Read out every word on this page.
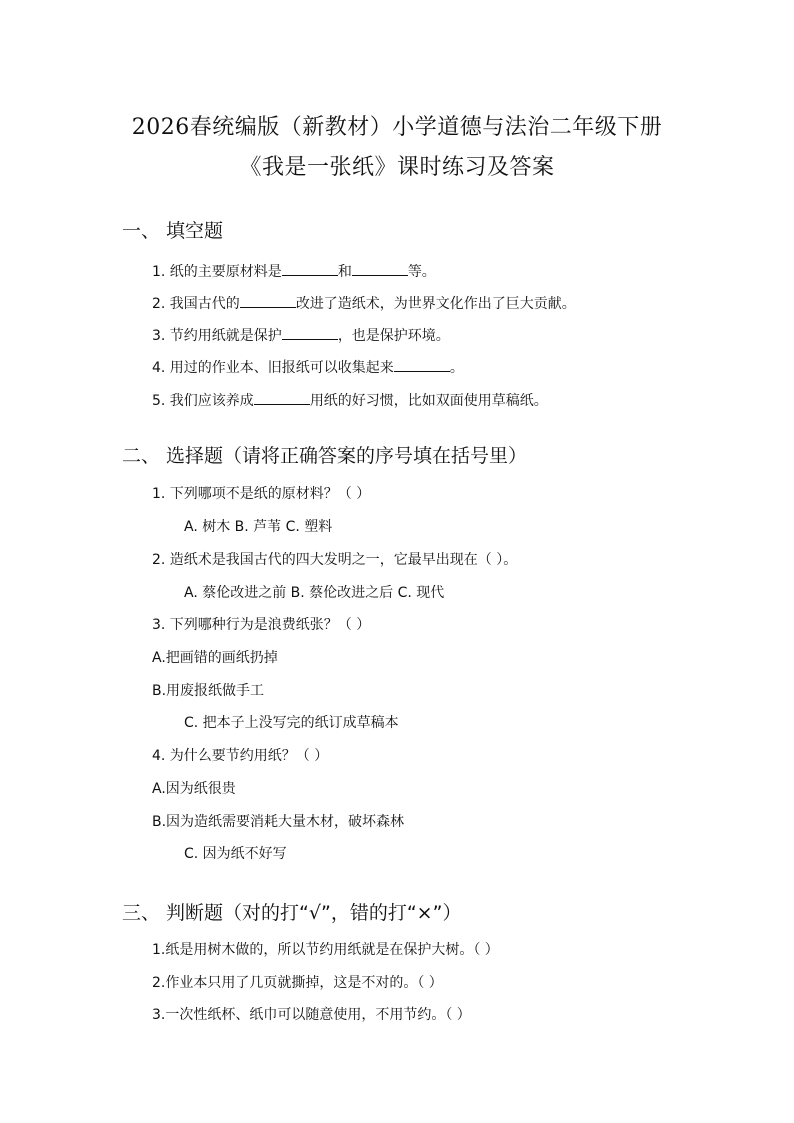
2026春统编版（新教材）小学道德与法治二年级下册
《我是一张纸》课时练习及答案
一、 填空题
1. 纸的主要原材料是	和	等。
2. 我国古代的	改进了造纸术，为世界文化作出了巨大贡献。
3. 节约用纸就是保护	，也是保护环境。
4. 用过的作业本、旧报纸可以收集起来	。
5. 我们应该养成	用纸的好习惯，比如双面使用草稿纸。
二、 选择题（请将正确答案的序号填在括号里）
1. 下列哪项不是纸的原材料？（ ）
A. 树木 B. 芦苇 C. 塑料
2. 造纸术是我国古代的四大发明之一，它最早出现在（ ）。
A. 蔡伦改进之前 B. 蔡伦改进之后 C. 现代
3. 下列哪种行为是浪费纸张？（ ）
A.把画错的画纸扔掉
B.用废报纸做手工
C. 把本子上没写完的纸订成草稿本
4. 为什么要节约用纸？（ ）
A.因为纸很贵
B.因为造纸需要消耗大量木材，破坏森林
C. 因为纸不好写
三、 判断题（对的打“√”，错的打“×”）
1.纸是用树木做的，所以节约用纸就是在保护大树。（ ）
2.作业本只用了几页就撕掉，这是不对的。（ ）
3.一次性纸杯、纸巾可以随意使用，不用节约。（ ）
